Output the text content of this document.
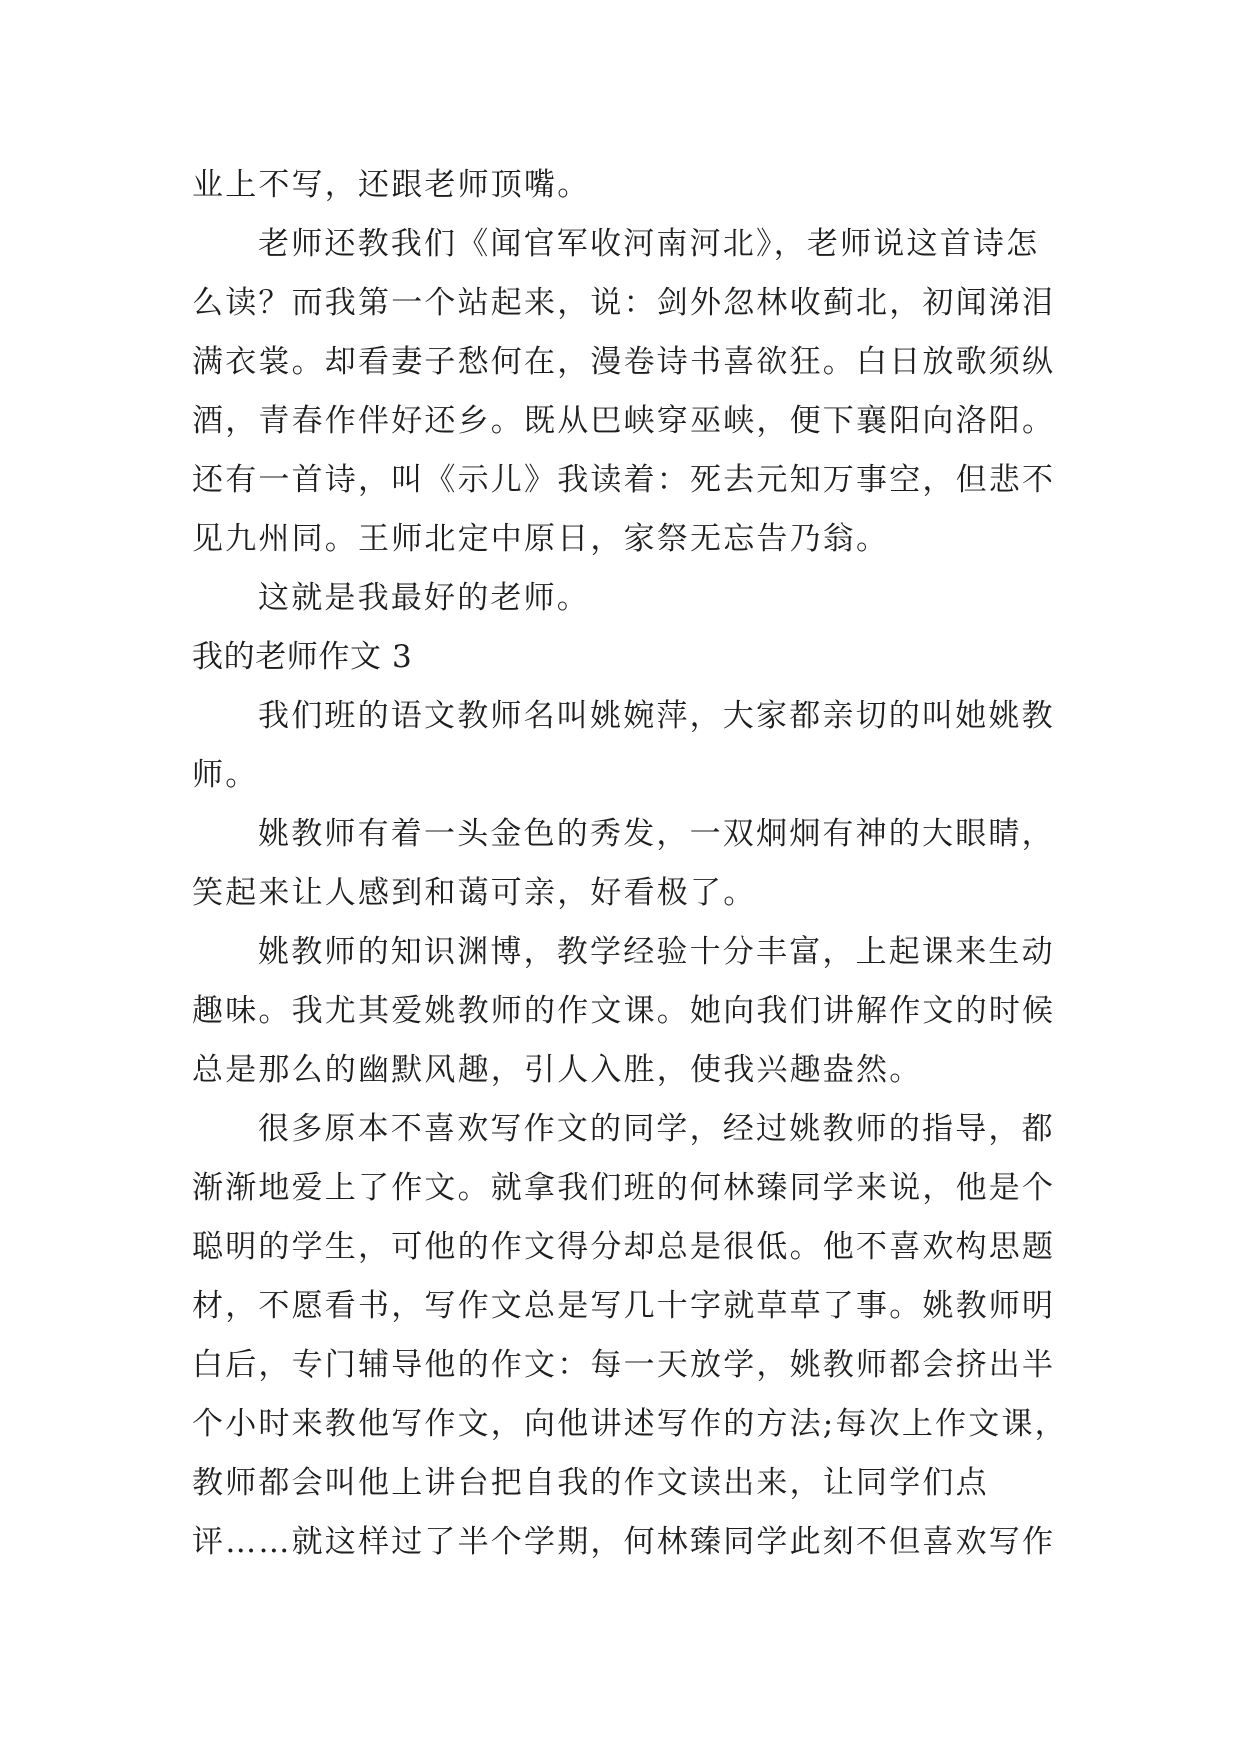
业上不写，还跟老师顶嘴。
老师还教我们《闻官军收河南河北》，老师说这首诗怎
么读？而我第一个站起来，说：剑外忽林收蓟北，初闻涕泪
满衣裳。却看妻子愁何在，漫卷诗书喜欲狂。白日放歌须纵
酒，青春作伴好还乡。既从巴峡穿巫峡，便下襄阳向洛阳。
还有一首诗，叫《示儿》我读着：死去元知万事空，但悲不
见九州同。王师北定中原日，家祭无忘告乃翁。
这就是我最好的老师。
我的老师作文 3
我们班的语文教师名叫姚婉萍，大家都亲切的叫她姚教
师。
姚教师有着一头金色的秀发，一双炯炯有神的大眼睛，
笑起来让人感到和蔼可亲，好看极了。
姚教师的知识渊博，教学经验十分丰富，上起课来生动
趣味。我尤其爱姚教师的作文课。她向我们讲解作文的时候
总是那么的幽默风趣，引人入胜，使我兴趣盎然。
很多原本不喜欢写作文的同学，经过姚教师的指导，都
渐渐地爱上了作文。就拿我们班的何林臻同学来说，他是个
聪明的学生，可他的作文得分却总是很低。他不喜欢构思题
材，不愿看书，写作文总是写几十字就草草了事。姚教师明
白后，专门辅导他的作文：每一天放学，姚教师都会挤出半
个小时来教他写作文，向他讲述写作的方法;每次上作文课，
教师都会叫他上讲台把自我的作文读出来，让同学们点
评……就这样过了半个学期，何林臻同学此刻不但喜欢写作
